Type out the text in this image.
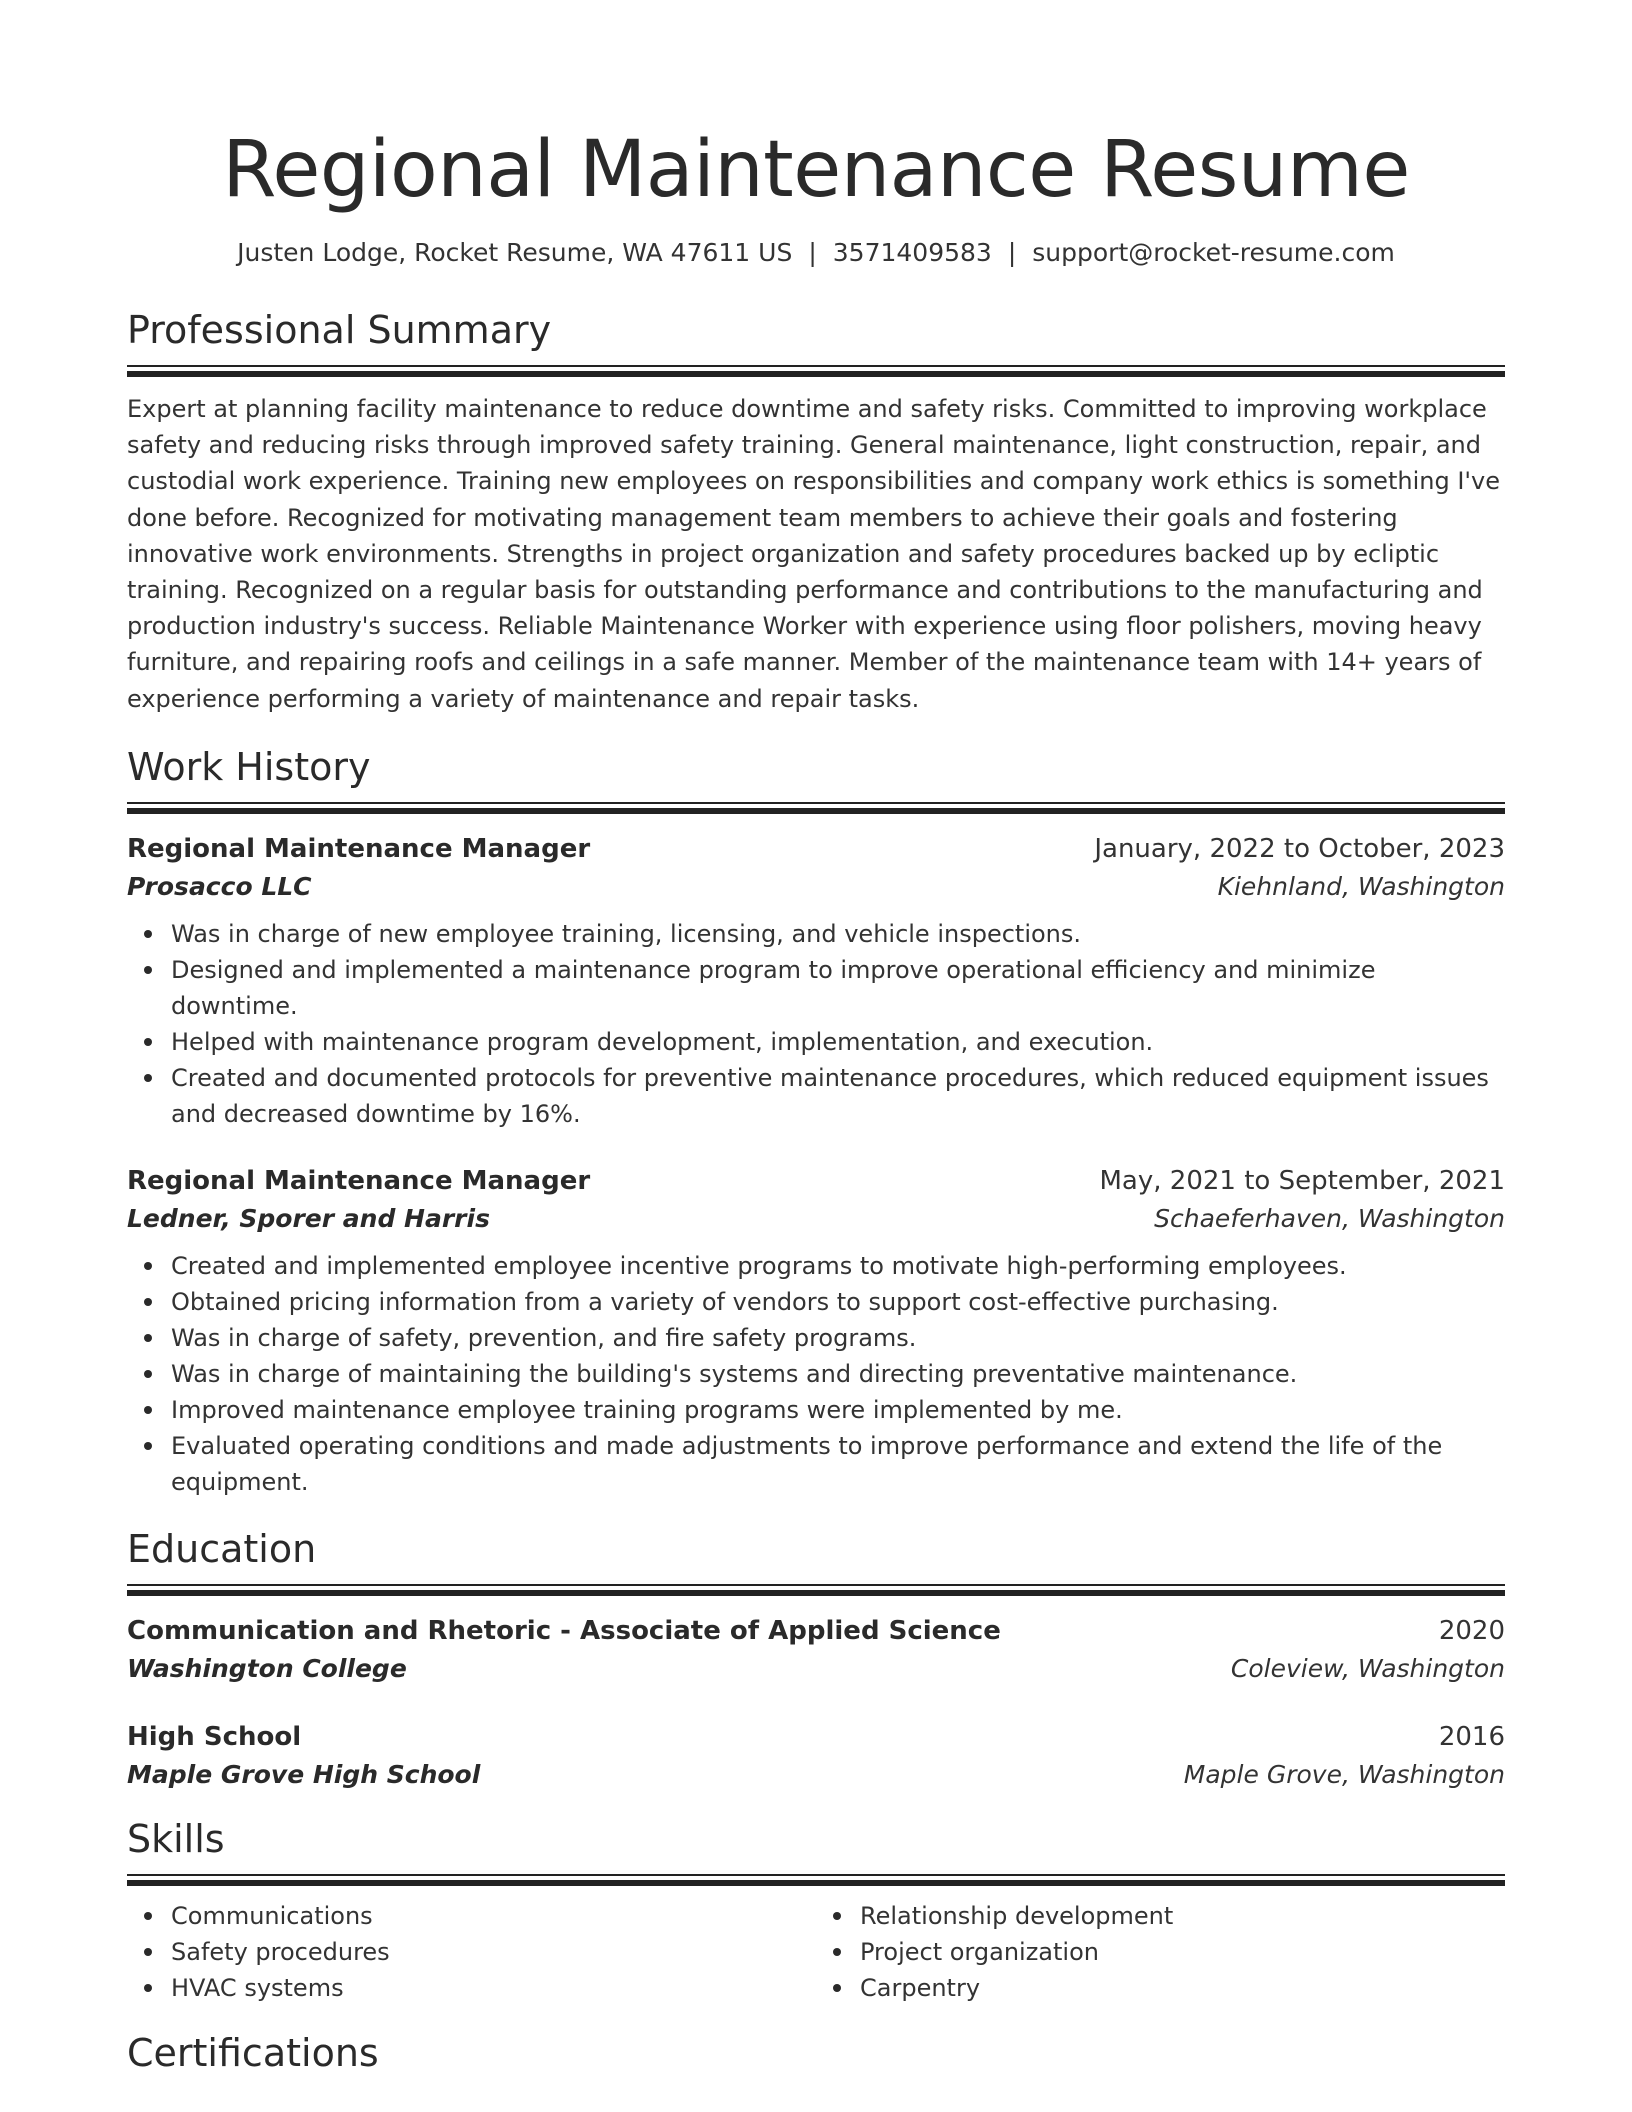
Regional Maintenance Resume
Justen Lodge, Rocket Resume, WA 47611 US | 3571409583 | support@rocket-resume.com
Professional Summary

Expert at planning facility maintenance to reduce downtime and safety risks. Committed to improving workplace safety and reducing risks through improved safety training. General maintenance, light construction, repair, and custodial work experience. Training new employees on responsibilities and company work ethics is something I've done before. Recognized for motivating management team members to achieve their goals and fostering innovative work environments. Strengths in project organization and safety procedures backed up by ecliptic training. Recognized on a regular basis for outstanding performance and contributions to the manufacturing and production industry's success. Reliable Maintenance Worker with experience using floor polishers, moving heavy furniture, and repairing roofs and ceilings in a safe manner. Member of the maintenance team with 14+ years of experience performing a variety of maintenance and repair tasks.

Work History
Regional Maintenance Manager	January, 2022 to October, 2023
Prosacco LLC	Kiehnland, Washington
Was in charge of new employee training, licensing, and vehicle inspections.
Designed and implemented a maintenance program to improve operational efficiency and minimize downtime.
Helped with maintenance program development, implementation, and execution.
Created and documented protocols for preventive maintenance procedures, which reduced equipment issues and decreased downtime by 16%.
Regional Maintenance Manager	May, 2021 to September, 2021
Ledner, Sporer and Harris	Schaeferhaven, Washington
Created and implemented employee incentive programs to motivate high-performing employees.
Obtained pricing information from a variety of vendors to support cost-effective purchasing.
Was in charge of safety, prevention, and fire safety programs.
Was in charge of maintaining the building's systems and directing preventative maintenance.
Improved maintenance employee training programs were implemented by me.
Evaluated operating conditions and made adjustments to improve performance and extend the life of the equipment.
Education
Communication and Rhetoric - Associate of Applied Science	2020
Washington College	Coleview, Washington
High School	2016
Maple Grove High School	Maple Grove, Washington
Skills
Communications
Safety procedures
HVAC systems
Relationship development
Project organization
Carpentry
Certifications
